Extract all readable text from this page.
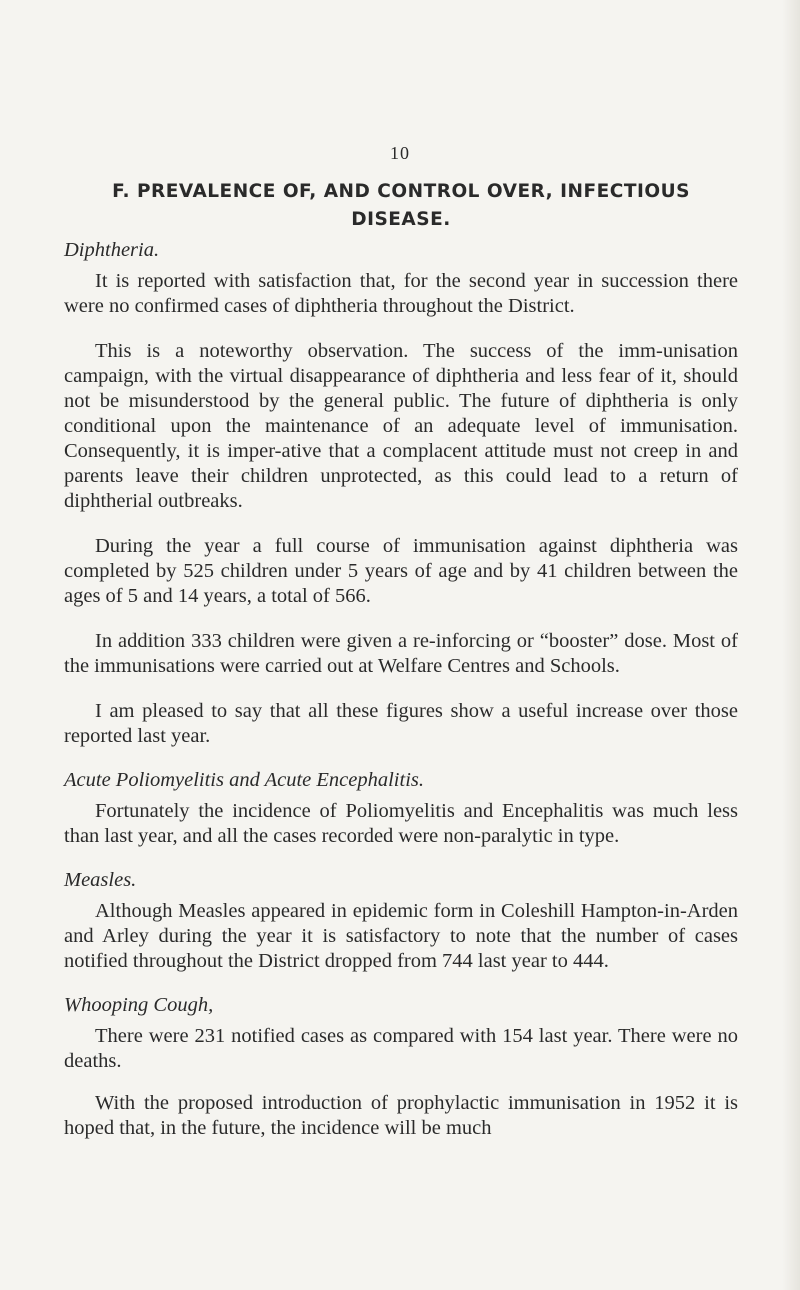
10
F. PREVALENCE OF, AND CONTROL OVER, INFECTIOUS DISEASE.
Diphtheria.

It is reported with satisfaction that, for the second year in succession there were no confirmed cases of diphtheria throughout the District.

This is a noteworthy observation. The success of the imm-unisation campaign, with the virtual disappearance of diphtheria and less fear of it, should not be misunderstood by the general public. The future of diphtheria is only conditional upon the maintenance of an adequate level of immunisation. Consequently, it is imper-ative that a complacent attitude must not creep in and parents leave their children unprotected, as this could lead to a return of diphtherial outbreaks.

During the year a full course of immunisation against diphtheria was completed by 525 children under 5 years of age and by 41 children between the ages of 5 and 14 years, a total of 566.

In addition 333 children were given a re-inforcing or “booster” dose. Most of the immunisations were carried out at Welfare Centres and Schools.

I am pleased to say that all these figures show a useful increase over those reported last year.

Acute Poliomyelitis and Acute Encephalitis.

Fortunately the incidence of Poliomyelitis and Encephalitis was much less than last year, and all the cases recorded were non-paralytic in type.

Measles.

Although Measles appeared in epidemic form in Coleshill Hampton-in-Arden and Arley during the year it is satisfactory to note that the number of cases notified throughout the District dropped from 744 last year to 444.

Whooping Cough,

There were 231 notified cases as compared with 154 last year. There were no deaths.

With the proposed introduction of prophylactic immunisation in 1952 it is hoped that, in the future, the incidence will be much
